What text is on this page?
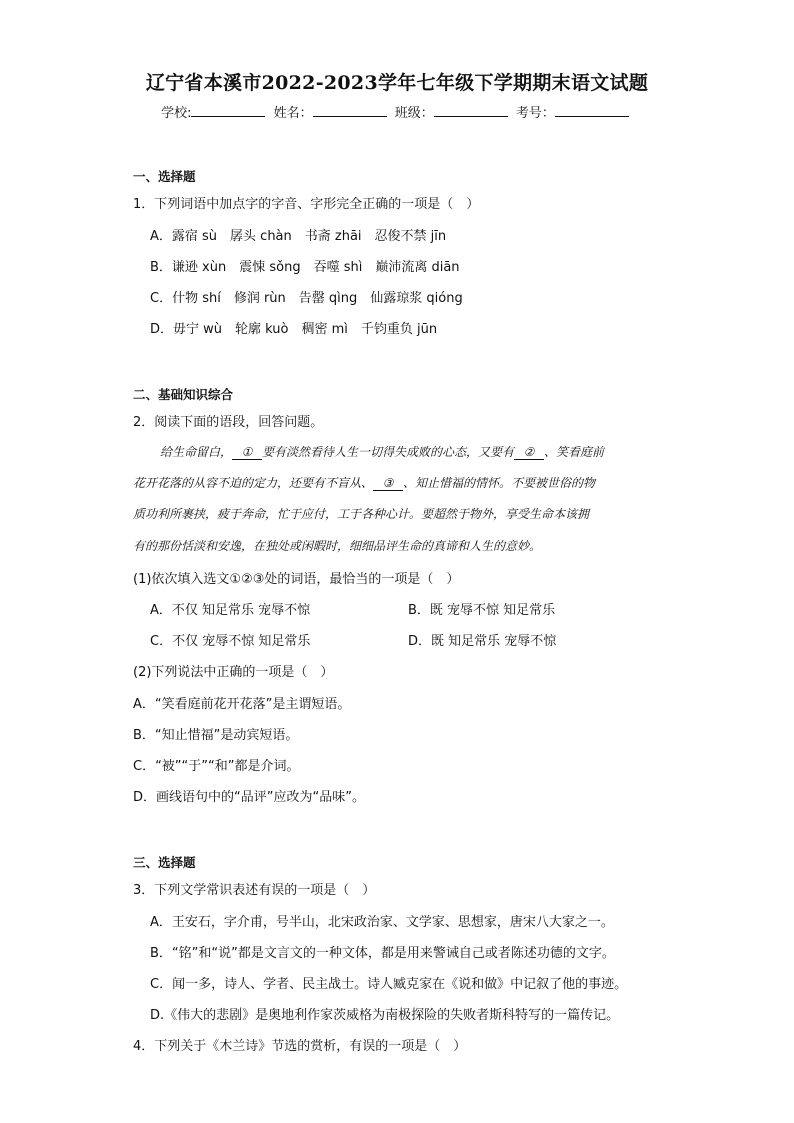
辽宁省本溪市2022-2023学年七年级下学期期末语文试题
学校:	姓名：	班级：	考号：
一、选择题
1．下列词语中加点字的字音、字形完全正确的一项是（　）
A．露宿 sù　孱头 chàn　书斋 zhāi　忍俊不禁 jīn
B．谦逊 xùn　震悚 sǒng　吞噬 shì　巅沛流离 diān
C．什物 shí　修润 rùn　告罄 qìng　仙露琼浆 qióng
D．毋宁 wù　轮廓 kuò　稠密 mì　千钧重负 jūn
二、基础知识综合
2．阅读下面的语段，回答问题。
给生命留白， ① 要有淡然看待人生一切得失成败的心态，又要有 ② 、笑看庭前
花开花落的从容不迫的定力，还要有不盲从、 ③ 、知止惜福的情怀。不要被世俗的物
质功利所裹挟，疲于奔命，忙于应付，工于各种心计。要超然于物外，享受生命本该拥
有的那份恬淡和安逸，在独处或闲暇时，细细品评生命的真谛和人生的意妙。
(1)依次填入选文①②③处的词语，最恰当的一项是（　）
A．不仅 知足常乐 宠辱不惊	B．既 宠辱不惊 知足常乐
C．不仅 宠辱不惊 知足常乐	D．既 知足常乐 宠辱不惊
(2)下列说法中正确的一项是（　）
A．“笑看庭前花开花落”是主谓短语。
B．“知止惜福”是动宾短语。
C．“被”“于”“和”都是介词。
D．画线语句中的“品评”应改为“品味”。
三、选择题
3．下列文学常识表述有误的一项是（　）
A．王安石，字介甫，号半山，北宋政治家、文学家、思想家，唐宋八大家之一。
B．“铭”和“说”都是文言文的一种文体，都是用来警诫自己或者陈述功德的文字。
C．闻一多，诗人、学者、民主战士。诗人臧克家在《说和做》中记叙了他的事迹。
D.《伟大的悲剧》是奥地利作家茨威格为南极探险的失败者斯科特写的一篇传记。
4．下列关于《木兰诗》节选的赏析，有误的一项是（　）
